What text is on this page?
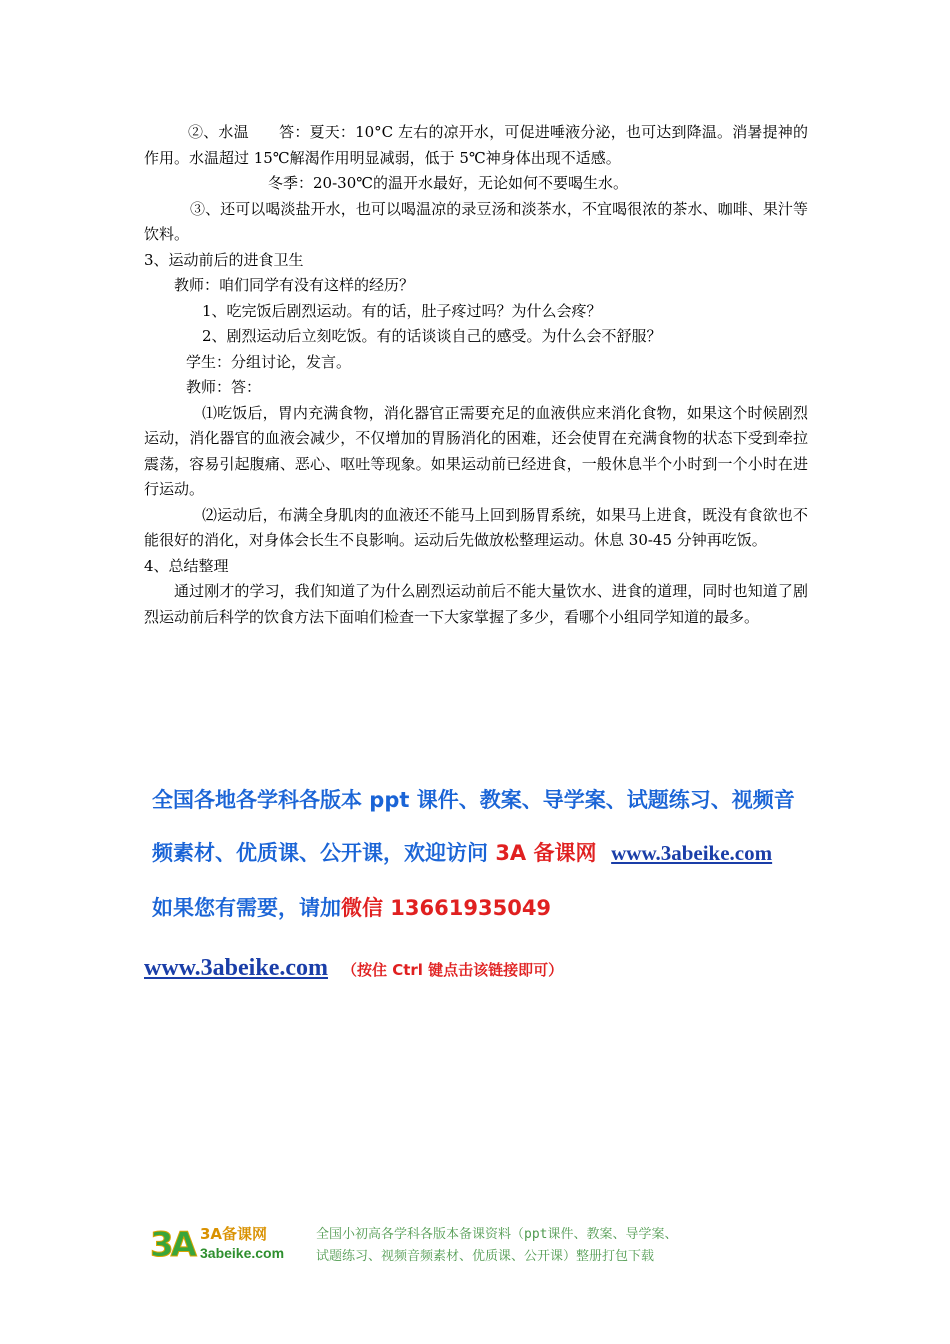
②、水温　　答：夏天：10°C 左右的凉开水，可促进唾液分泌，也可达到降温。消暑提神的作用。水温超过 15℃解渴作用明显减弱，低于 5℃神身体出现不适感。

冬季：20-30℃的温开水最好，无论如何不要喝生水。

③、还可以喝淡盐开水，也可以喝温凉的录豆汤和淡茶水，不宜喝很浓的茶水、咖啡、果汁等饮料。

3、运动前后的进食卫生

教师：咱们同学有没有这样的经历？

1、吃完饭后剧烈运动。有的话，肚子疼过吗？为什么会疼？

2、剧烈运动后立刻吃饭。有的话谈谈自己的感受。为什么会不舒服？

学生：分组讨论，发言。

教师：答：

⑴吃饭后，胃内充满食物，消化器官正需要充足的血液供应来消化食物，如果这个时候剧烈运动，消化器官的血液会减少，不仅增加的胃肠消化的困难，还会使胃在充满食物的状态下受到牵拉震荡，容易引起腹痛、恶心、呕吐等现象。如果运动前已经进食，一般休息半个小时到一个小时在进行运动。

⑵运动后，布满全身肌肉的血液还不能马上回到肠胃系统，如果马上进食，既没有食欲也不能很好的消化，对身体会长生不良影响。运动后先做放松整理运动。休息 30-45 分钟再吃饭。

4、总结整理

通过刚才的学习，我们知道了为什么剧烈运动前后不能大量饮水、进食的道理，同时也知道了剧烈运动前后科学的饮食方法下面咱们检查一下大家掌握了多少，看哪个小组同学知道的最多。

全国各地各学科各版本 ppt 课件、教案、导学案、试题练习、视频音
频素材、优质课、公开课，欢迎访问 3A 备课网 www.3abeike.com
如果您有需要，请加微信 13661935049
www.3abeike.com （按住 Ctrl 键点击该链接即可）
3A 3A备课网
3abeike.com
全国小初高各学科各版本备课资料（ppt课件、教案、导学案、
试题练习、视频音频素材、优质课、公开课）整册打包下载
